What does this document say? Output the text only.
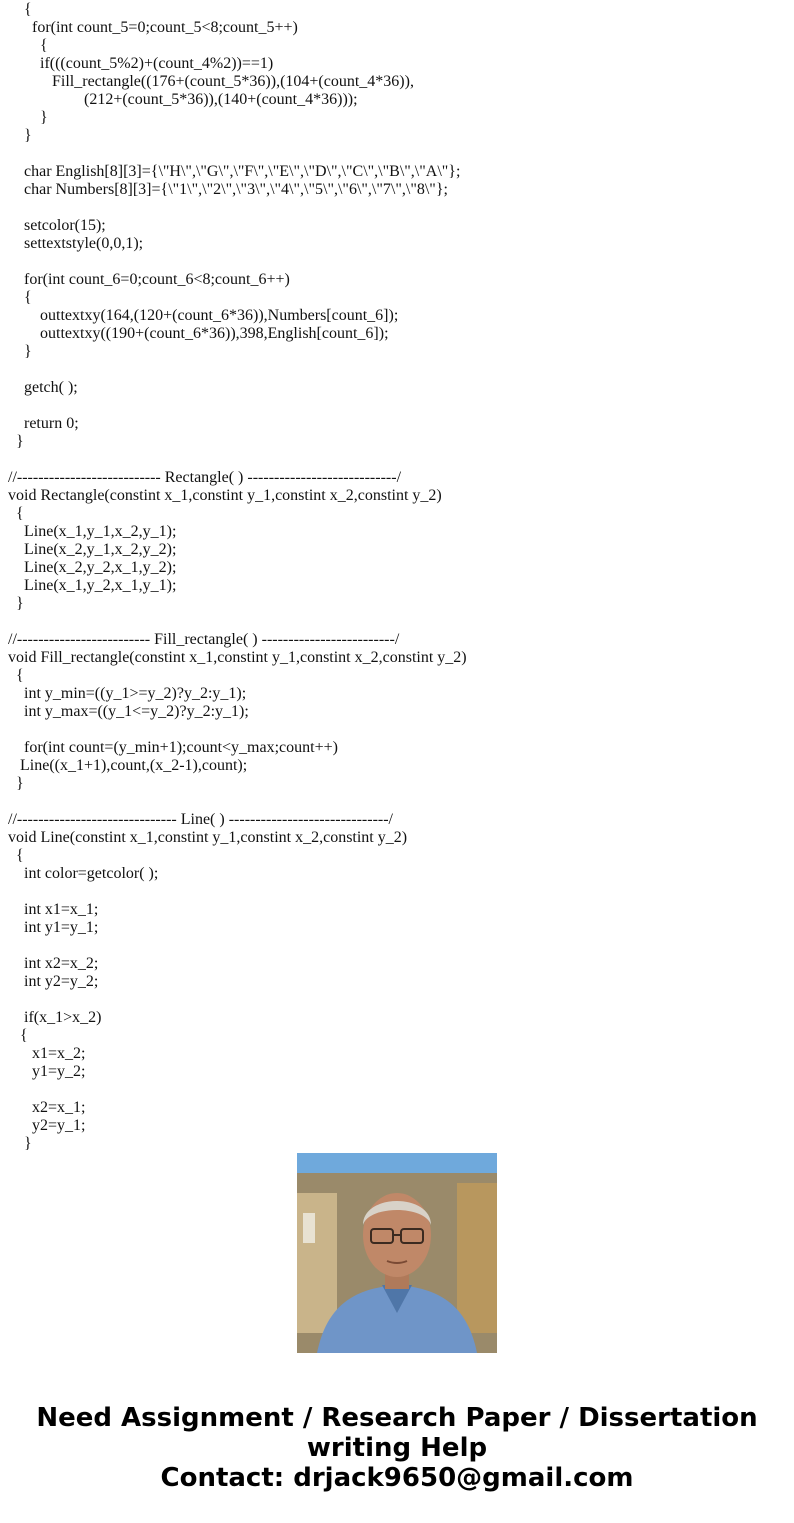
{
for(int count_5=0;count_5<8;count_5++)
{
if(((count_5%2)+(count_4%2))==1)
Fill_rectangle((176+(count_5*36)),(104+(count_4*36)),
(212+(count_5*36)),(140+(count_4*36)));
}
}
char English[8][3]={\"H\",\"G\",\"F\",\"E\",\"D\",\"C\",\"B\",\"A\"};
char Numbers[8][3]={\"1\",\"2\",\"3\",\"4\",\"5\",\"6\",\"7\",\"8\"};
setcolor(15);
settextstyle(0,0,1);
for(int count_6=0;count_6<8;count_6++)
{
outtextxy(164,(120+(count_6*36)),Numbers[count_6]);
outtextxy((190+(count_6*36)),398,English[count_6]);
}
getch( );
return 0;
}
//--------------------------- Rectangle( ) ----------------------------/
void Rectangle(constint x_1,constint y_1,constint x_2,constint y_2)
{
Line(x_1,y_1,x_2,y_1);
Line(x_2,y_1,x_2,y_2);
Line(x_2,y_2,x_1,y_2);
Line(x_1,y_2,x_1,y_1);
}
//------------------------- Fill_rectangle( ) -------------------------/
void Fill_rectangle(constint x_1,constint y_1,constint x_2,constint y_2)
{
int y_min=((y_1>=y_2)?y_2:y_1);
int y_max=((y_1<=y_2)?y_2:y_1);
for(int count=(y_min+1);count<y_max;count++)
Line((x_1+1),count,(x_2-1),count);
}
//------------------------------ Line( ) ------------------------------/
void Line(constint x_1,constint y_1,constint x_2,constint y_2)
{
int color=getcolor( );
int x1=x_1;
int y1=y_1;
int x2=x_2;
int y2=y_2;
if(x_1>x_2)
{
x1=x_2;
y1=y_2;
x2=x_1;
y2=y_1;
}
Need Assignment / Research Paper / Dissertation
writing Help
Contact: drjack9650@gmail.com
